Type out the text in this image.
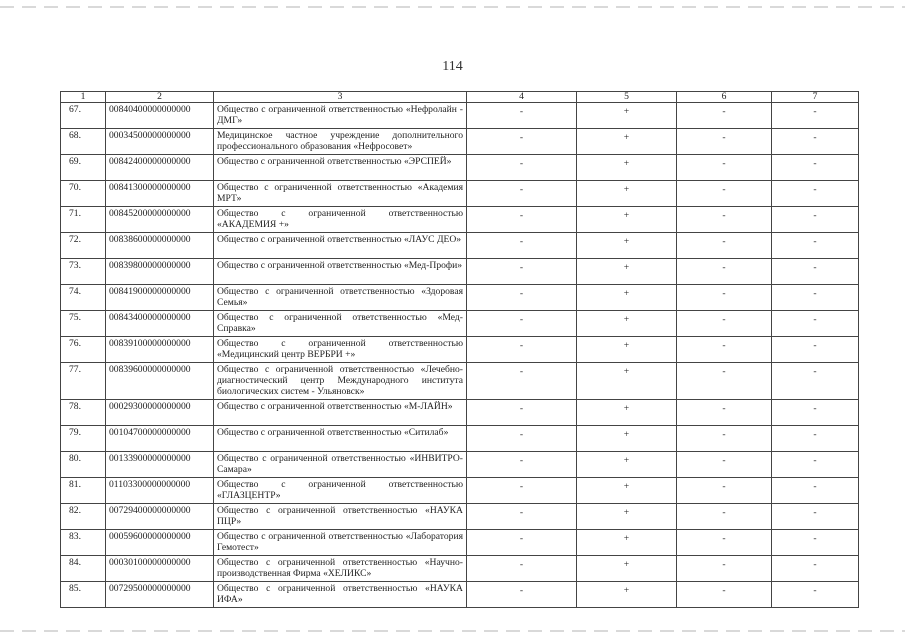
114
1	2	3	4	5	6	7
67.	00840400000000000	Общество с ограниченной ответственностью «Нефролайн - ДМГ»	-	+	-	-

68.	00034500000000000	Медицинское частное учреждение дополнительного профессионального образования «Нефросовет»	-	+	-	-

69.	00842400000000000	Общество с ограниченной ответственностью «ЭРСПЕЙ»	-	+	-	-

70.	00841300000000000	Общество с ограниченной ответственностью «Академия МРТ»	-	+	-	-

71.	00845200000000000	Общество с ограниченной ответственностью «АКАДЕМИЯ +»	-	+	-	-

72.	00838600000000000	Общество с ограниченной ответственностью «ЛАУС ДЕО»	-	+	-	-

73.	00839800000000000	Общество с ограниченной ответственностью «Мед-Профи»	-	+	-	-

74.	00841900000000000	Общество с ограниченной ответственностью «Здоровая Семья»	-	+	-	-

75.	00843400000000000	Общество с ограниченной ответственностью «Мед-Справка»	-	+	-	-

76.	00839100000000000	Общество с ограниченной ответственностью «Медицинский центр ВЕРБРИ +»	-	+	-	-

77.	00839600000000000	Общество с ограниченной ответственностью «Лечебно-диагностический центр Международного института биологических систем - Ульяновск»	-	+	-	-

78.	00029300000000000	Общество с ограниченной ответственностью «М-ЛАЙН»	-	+	-	-

79.	00104700000000000	Общество с ограниченной ответственностью «Ситилаб»	-	+	-	-

80.	00133900000000000	Общество с ограниченной ответственностью «ИНВИТРО-Самара»	-	+	-	-

81.	01103300000000000	Общество с ограниченной ответственностью «ГЛАЗЦЕНТР»	-	+	-	-

82.	00729400000000000	Общество с ограниченной ответственностью «НАУКА ПЦР»	-	+	-	-

83.	00059600000000000	Общество с ограниченной ответственностью «Лаборатория Гемотест»	-	+	-	-

84.	00030100000000000	Общество с ограниченной ответственностью «Научно-производственная Фирма «ХЕЛИКС»	-	+	-	-

85.	00729500000000000	Общество с ограниченной ответственностью «НАУКА ИФА»	-	+	-	-
